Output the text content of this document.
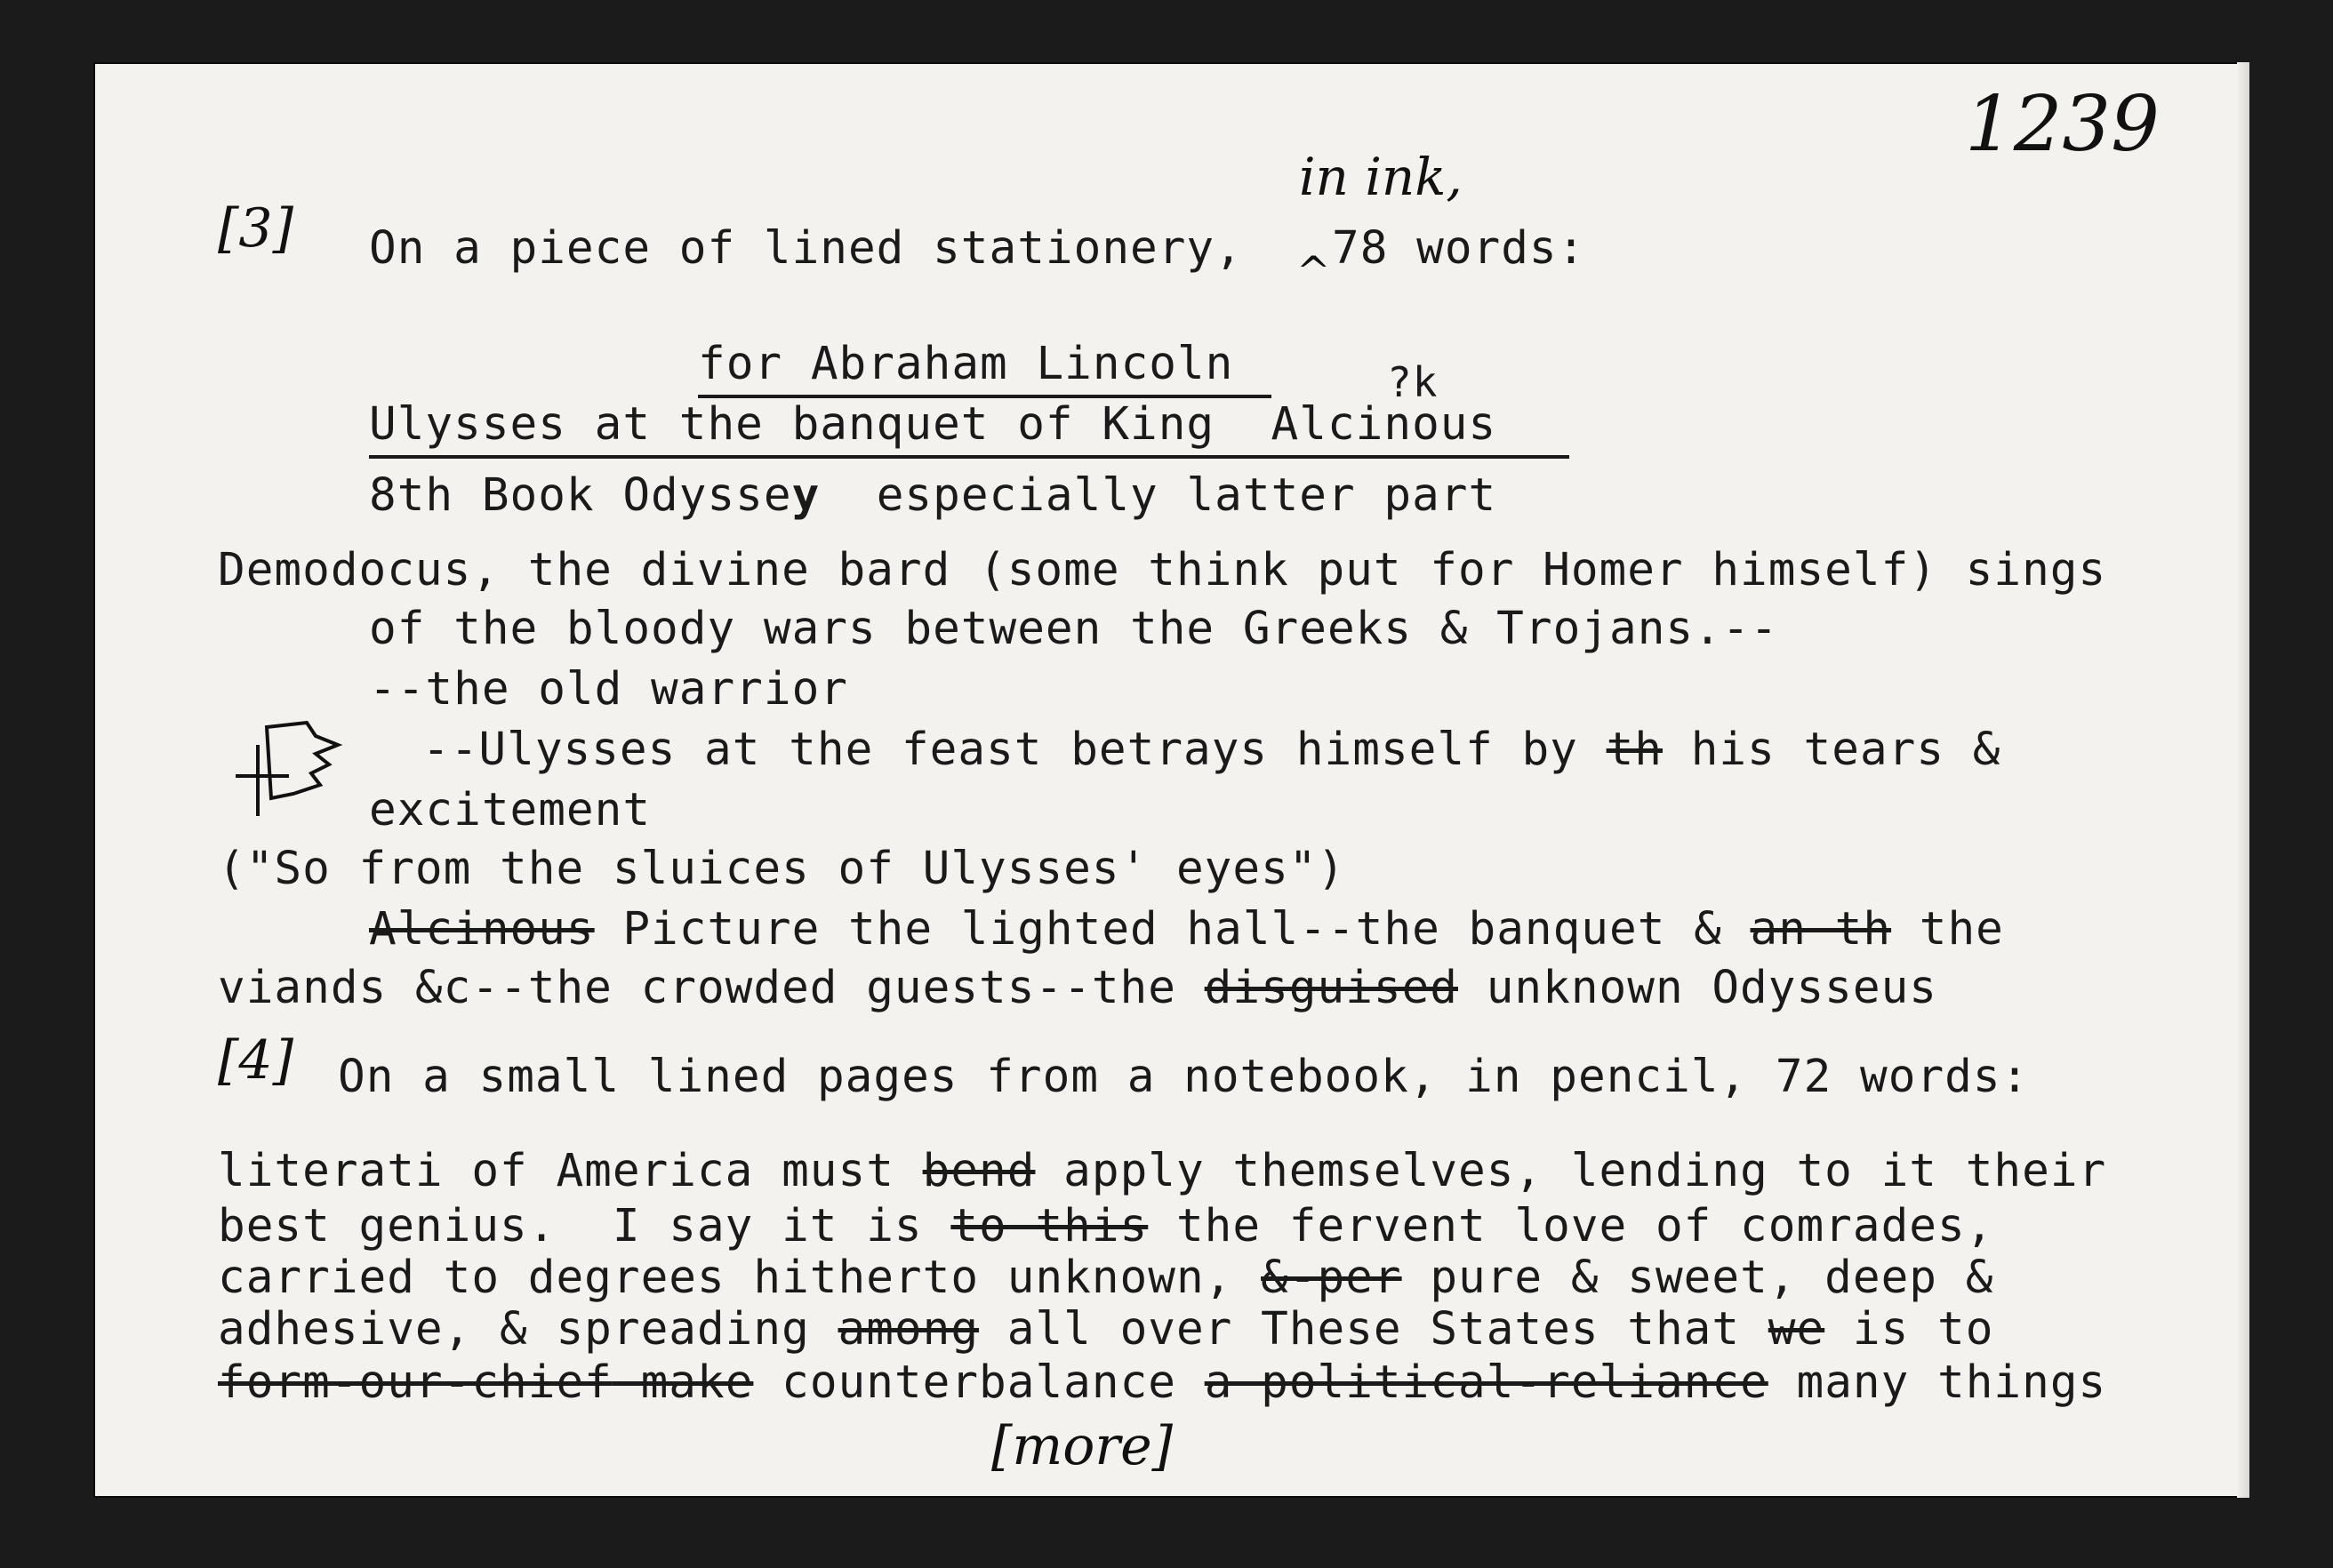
1239
[3] On a piece of lined stationery,
in ink,
^ 78 words:
for Abraham Lincoln	?k
Ulysses at the banquet of King  Alcinous
8th Book Odyssey  especially latter part
Demodocus, the divine bard (some think put for Homer himself) sings
of the bloody wars between the Greeks & Trojans.--
--the old warrior
--Ulysses at the feast betrays himself by th his tears &
excitement
("So from the sluices of Ulysses' eyes")
Alcinous Picture the lighted hall--the banquet & an th the
viands &c--the crowded guests--the disguised unknown Odysseus
[4] On a small lined pages from a notebook, in pencil, 72 words:
literati of America must bend apply themselves, lending to it their
best genius.  I say it is to this the fervent love of comrades,
carried to degrees hitherto unknown, &-per pure & sweet, deep &
adhesive, & spreading among all over These States that we is to
form-our-chief make counterbalance a political-reliance many things
[more]
